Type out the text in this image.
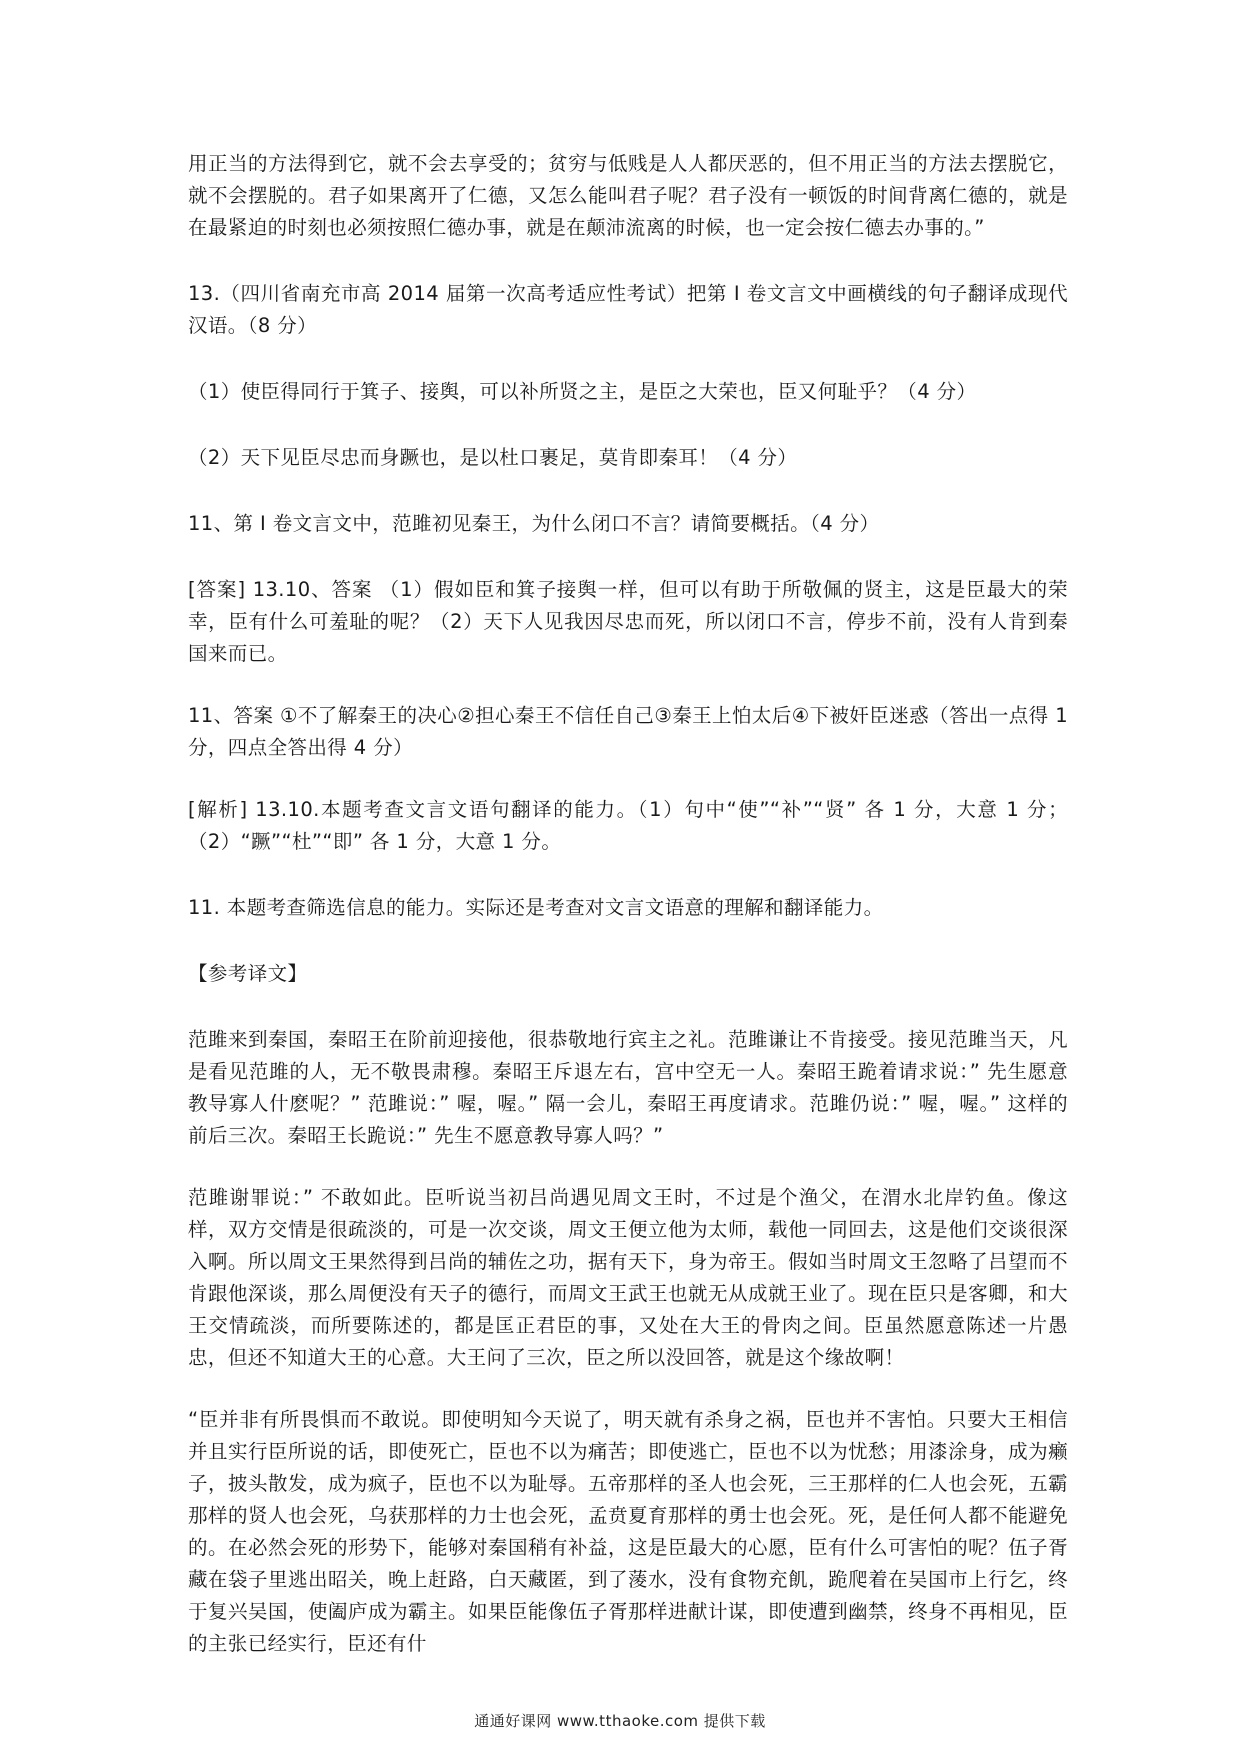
用正当的方法得到它，就不会去享受的；贫穷与低贱是人人都厌恶的，但不用正当的方法去摆脱它，就不会摆脱的。君子如果离开了仁德，又怎么能叫君子呢？君子没有一顿饭的时间背离仁德的，就是在最紧迫的时刻也必须按照仁德办事，就是在颠沛流离的时候，也一定会按仁德去办事的。”

13.（四川省南充市高 2014 届第一次高考适应性考试）把第 I 卷文言文中画横线的句子翻译成现代汉语。（8 分）

（1）使臣得同行于箕子、接舆，可以补所贤之主，是臣之大荣也，臣又何耻乎？（4 分）

（2）天下见臣尽忠而身蹶也，是以杜口裹足，莫肯即秦耳！（4 分）

11、第 I 卷文言文中，范雎初见秦王，为什么闭口不言？请简要概括。（4 分）

[答案] 13.10、答案 （1）假如臣和箕子接舆一样，但可以有助于所敬佩的贤主，这是臣最大的荣幸，臣有什么可羞耻的呢？（2）天下人见我因尽忠而死，所以闭口不言，停步不前，没有人肯到秦国来而已。

11、答案 ①不了解秦王的决心②担心秦王不信任自己③秦王上怕太后④下被奸臣迷惑（答出一点得 1 分，四点全答出得 4 分）

[解析] 13.10.本题考查文言文语句翻译的能力。（1）句中“使”“补”“贤” 各 1 分，大意 1 分；（2）“蹶”“杜”“即” 各 1 分，大意 1 分。

11. 本题考查筛选信息的能力。实际还是考查对文言文语意的理解和翻译能力。

【参考译文】

范雎来到秦国，秦昭王在阶前迎接他，很恭敬地行宾主之礼。范雎谦让不肯接受。接见范雎当天，凡是看见范雎的人，无不敬畏肃穆。秦昭王斥退左右，宫中空无一人。秦昭王跪着请求说：” 先生愿意教导寡人什麽呢？” 范雎说：” 喔，喔。” 隔一会儿，秦昭王再度请求。范雎仍说：” 喔，喔。” 这样的前后三次。秦昭王长跪说：” 先生不愿意教导寡人吗？”

范雎谢罪说：” 不敢如此。臣听说当初吕尚遇见周文王时，不过是个渔父，在渭水北岸钓鱼。像这样，双方交情是很疏淡的，可是一次交谈，周文王便立他为太师，载他一同回去，这是他们交谈很深入啊。所以周文王果然得到吕尚的辅佐之功，据有天下，身为帝王。假如当时周文王忽略了吕望而不肯跟他深谈，那么周便没有天子的德行，而周文王武王也就无从成就王业了。现在臣只是客卿，和大王交情疏淡，而所要陈述的，都是匡正君臣的事，又处在大王的骨肉之间。臣虽然愿意陈述一片愚忠，但还不知道大王的心意。大王问了三次，臣之所以没回答，就是这个缘故啊！

“臣并非有所畏惧而不敢说。即使明知今天说了，明天就有杀身之祸，臣也并不害怕。只要大王相信并且实行臣所说的话，即使死亡，臣也不以为痛苦；即使逃亡，臣也不以为忧愁；用漆涂身，成为癞子，披头散发，成为疯子，臣也不以为耻辱。五帝那样的圣人也会死，三王那样的仁人也会死，五霸那样的贤人也会死，乌获那样的力士也会死，孟贲夏育那样的勇士也会死。死，是任何人都不能避免的。在必然会死的形势下，能够对秦国稍有补益，这是臣最大的心愿，臣有什么可害怕的呢？伍子胥藏在袋子里逃出昭关，晚上赶路，白天藏匿，到了蔆水，没有食物充飢，跪爬着在吴国市上行乞，终于复兴吴国，使阖庐成为霸主。如果臣能像伍子胥那样进献计谋，即使遭到幽禁，终身不再相见，臣的主张已经实行，臣还有什

通通好课网 www.tthaoke.com 提供下载
